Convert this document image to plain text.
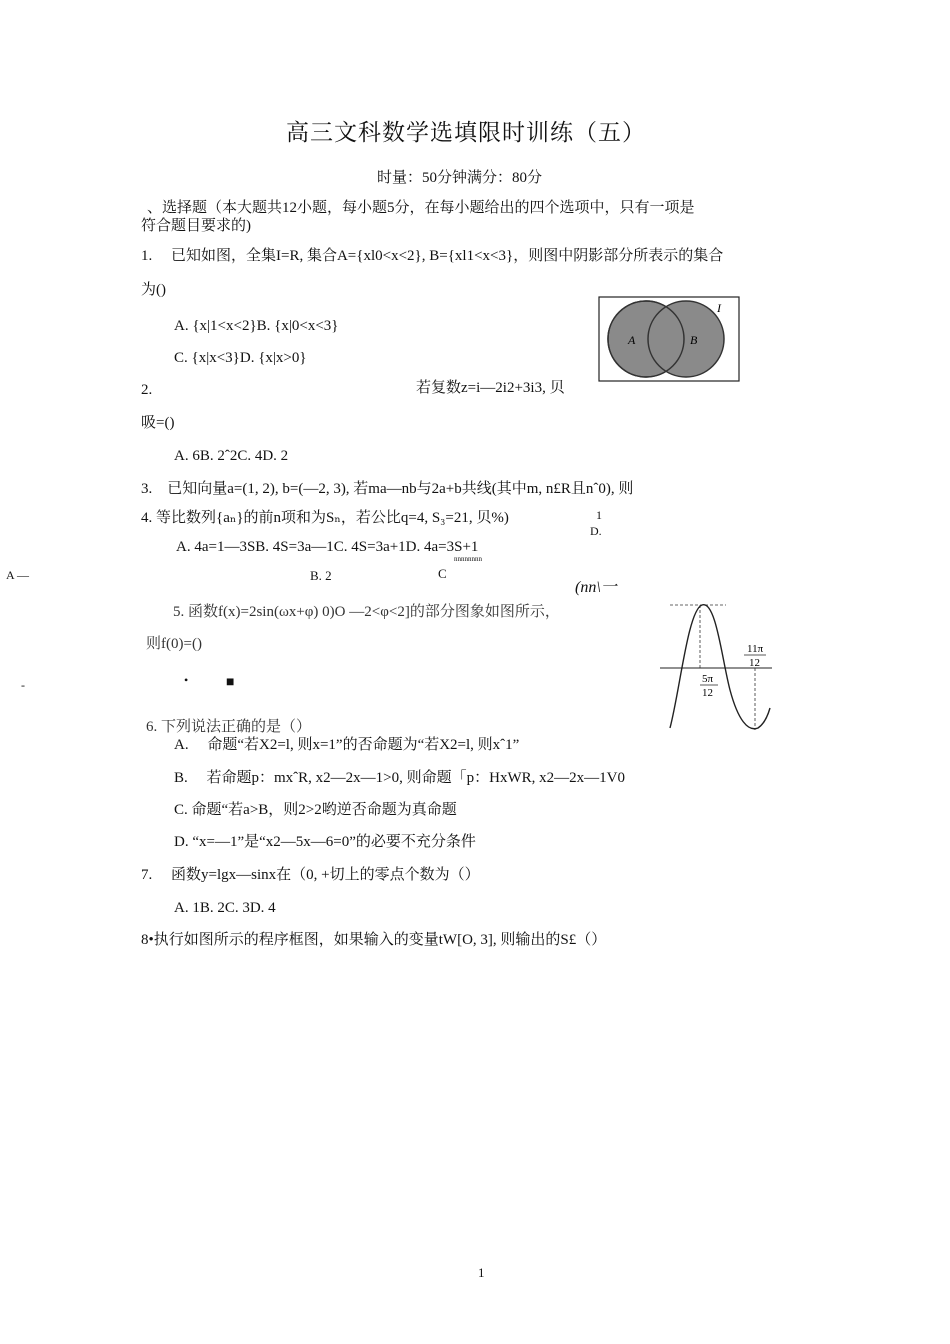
高三文科数学选填限时训练（五）
时量：50分钟满分：80分
、选择题（本大题共12小题，每小题5分，在每小题给出的四个选项中，只有一项是
符合题目要求的)
1.　 已知如图，全集I=R, 集合A={xl0<x<2}, B={xl1<x<3}，则图中阴影部分所表示的集合
为()
A. {x|1<x<2}B. {x|0<x<3}
C. {x|x<3}D. {x|x>0}
A	B
I
2.	若复数z=i—2i2+3i3, 贝
吸=()
A. 6B. 2ˆ2C. 4D. 2
3.　已知向量a=(1, 2), b=(—2, 3), 若ma—nb与2a+b共线(其中m, n£R且nˆ0), 则
4. 等比数列{aₙ}的前n项和为Sₙ，若公比q=4, S₃=21, 贝%)	1
D.
A. 4a=1—3SB. 4S=3a—1C. 4S=3a+1D. 4a=3S+1
nnnnnnnn
A —	B. 2	C
(nn\一
5. 函数f(x)=2sin(ωx+φ) 0)O —2<φ<2]的部分图象如图所示，
则f(0)=()
-	•	■
11π
12
5π
12
6. 下列说法正确的是（）
A.　 命题“若X2=l, 则x=1”的否命题为“若X2=l, 则xˆ1”
B.　 若命题p：mxˆR, x2—2x—1>0, 则命题「p：HxWR, x2—2x—1V0
C. 命题“若a>B，则2>2哟逆否命题为真命题
D. “x=—1”是“x2—5x—6=0”的必要不充分条件
7.　 函数y=lgx—sinx在（0, +切上的零点个数为（）
A. 1B. 2C. 3D. 4
8•执行如图所示的程序框图，如果输入的变量tW[O, 3], 则输出的S£（）
1
